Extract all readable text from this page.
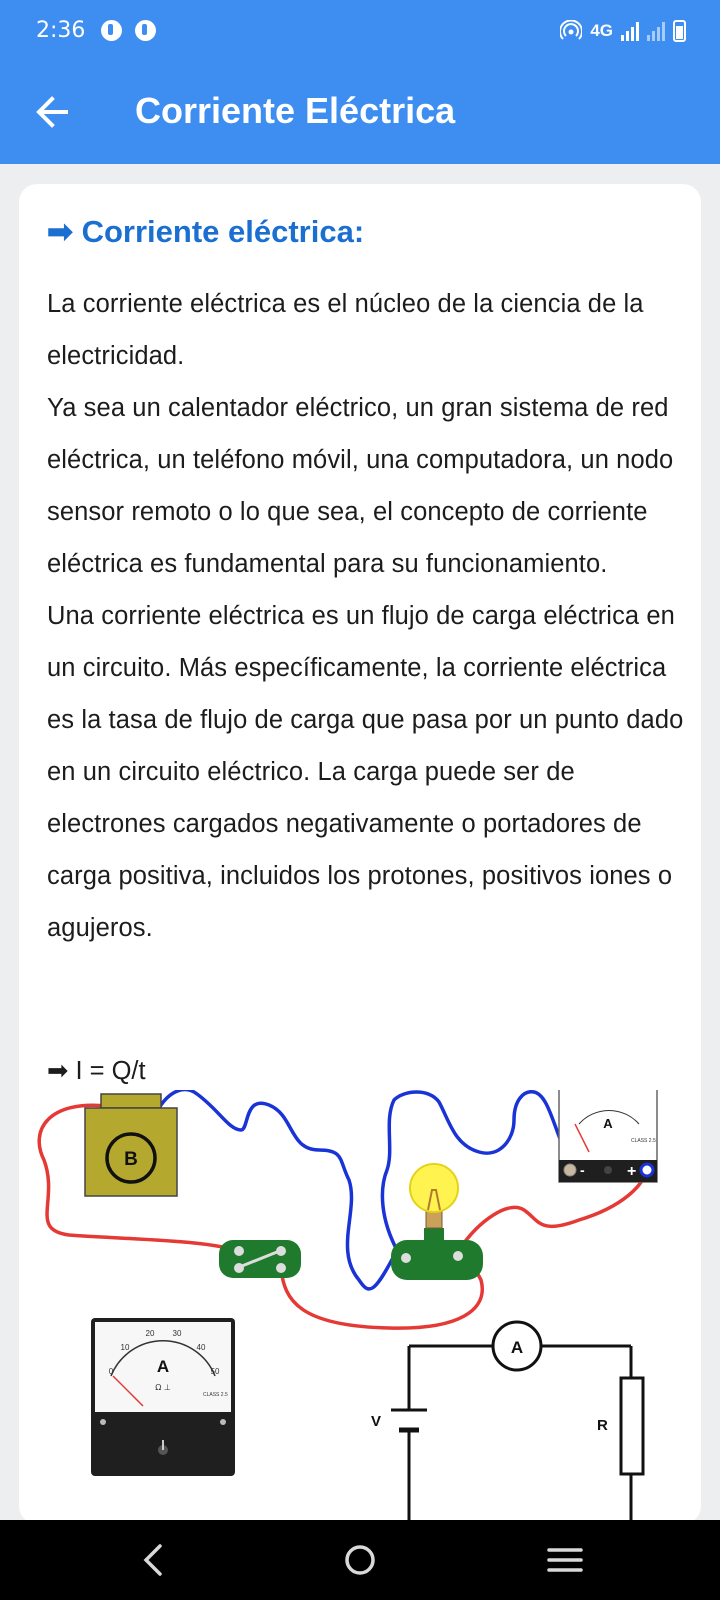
2:36	4G
Corriente Eléctrica
➡ Corriente eléctrica:

La corriente eléctrica es el núcleo de la ciencia de la electricidad.

Ya sea un calentador eléctrico, un gran sistema de red eléctrica, un teléfono móvil, una computadora, un nodo sensor remoto o lo que sea, el concepto de corriente eléctrica es fundamental para su funcionamiento.

Una corriente eléctrica es un flujo de carga eléctrica en un circuito. Más específicamente, la corriente eléctrica es la tasa de flujo de carga que pasa por un punto dado en un circuito eléctrico. La carga puede ser de electrones cargados negativamente o portadores de carga positiva, incluidos los protones, positivos iones o agujeros.

➡ I = Q/t
B
A
CLASS 2.5
-	+
0
10
20 30
40
50
A
Ω ⊥
CLASS 2.5
A
V	R
